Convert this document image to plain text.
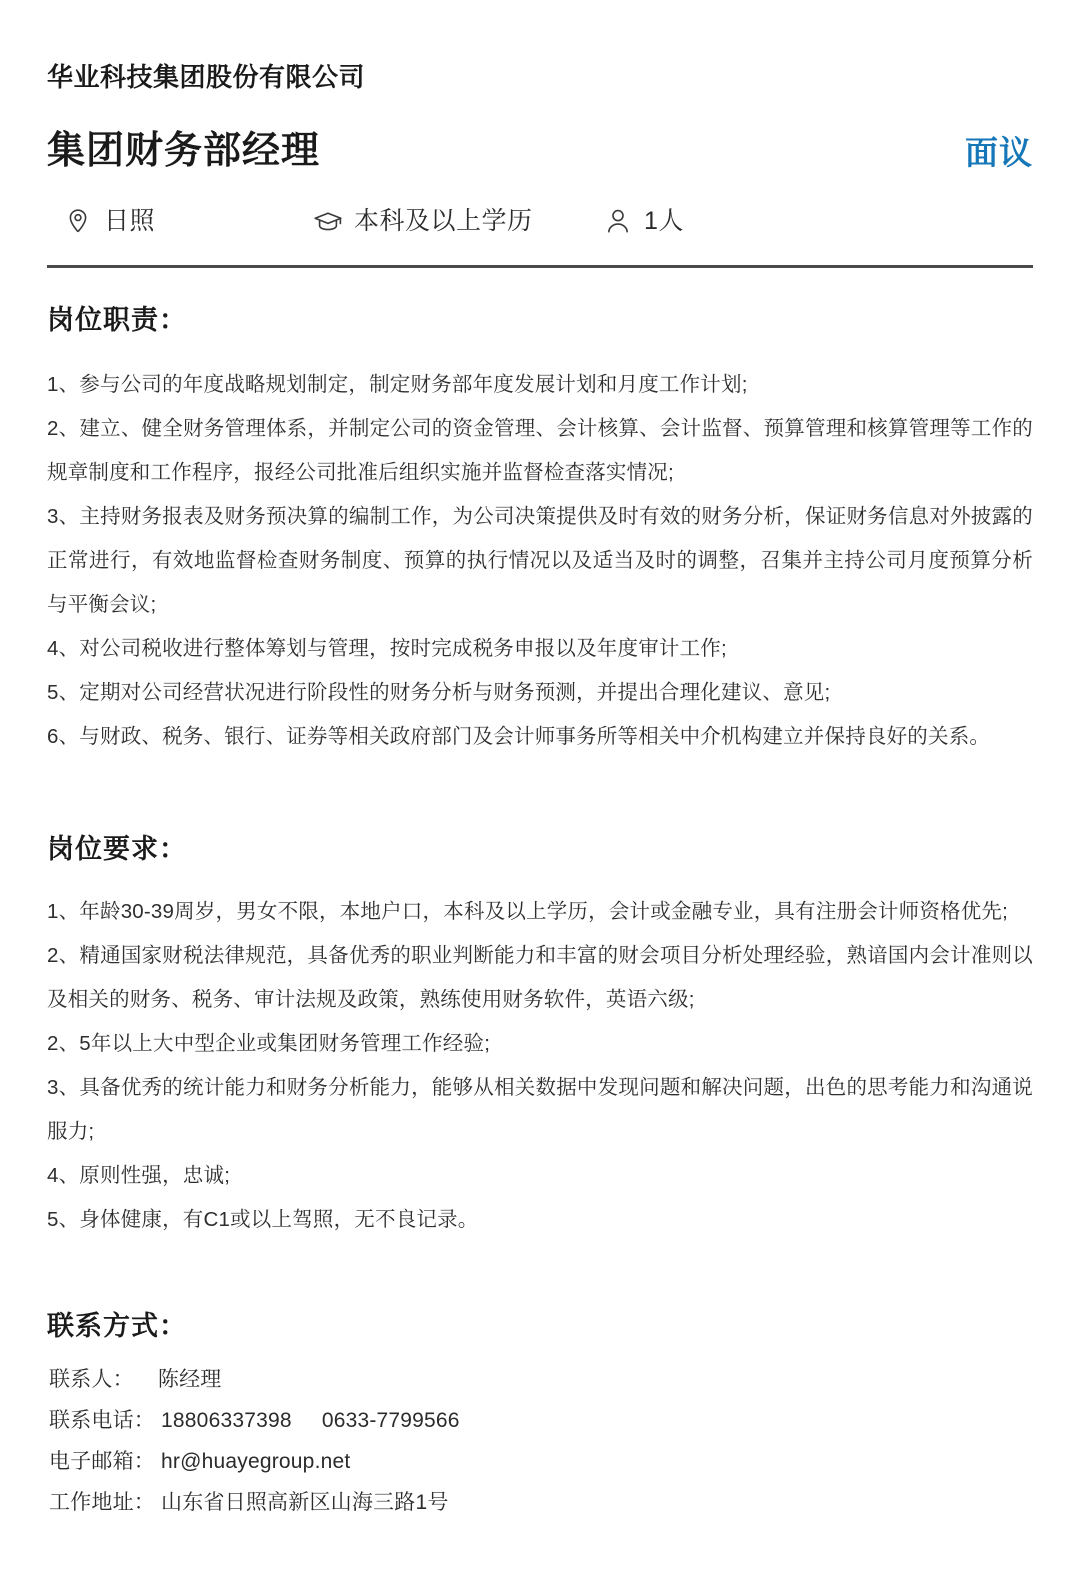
华业科技集团股份有限公司
集团财务部经理	面议
日照	本科及以上学历	1人
岗位职责：

1、参与公司的年度战略规划制定，制定财务部年度发展计划和月度工作计划;

2、建立、健全财务管理体系，并制定公司的资金管理、会计核算、会计监督、预算管理和核算管理等工作的规章制度和工作程序，报经公司批准后组织实施并监督检查落实情况;

3、主持财务报表及财务预决算的编制工作，为公司决策提供及时有效的财务分析，保证财务信息对外披露的正常进行，有效地监督检查财务制度、预算的执行情况以及适当及时的调整，召集并主持公司月度预算分析与平衡会议;

4、对公司税收进行整体筹划与管理，按时完成税务申报以及年度审计工作;

5、定期对公司经营状况进行阶段性的财务分析与财务预测，并提出合理化建议、意见;

6、与财政、税务、银行、证券等相关政府部门及会计师事务所等相关中介机构建立并保持良好的关系。

岗位要求：

1、年龄30-39周岁，男女不限，本地户口，本科及以上学历，会计或金融专业，具有注册会计师资格优先;

2、精通国家财税法律规范，具备优秀的职业判断能力和丰富的财会项目分析处理经验，熟谙国内会计准则以及相关的财务、税务、审计法规及政策，熟练使用财务软件，英语六级;

2、5年以上大中型企业或集团财务管理工作经验;

3、具备优秀的统计能力和财务分析能力，能够从相关数据中发现问题和解决问题，出色的思考能力和沟通说服力;

4、原则性强，忠诚;

5、身体健康，有C1或以上驾照，无不良记录。

联系方式：
联系人： 陈经理
联系电话： 18806337398 0633-7799566
电子邮箱： hr@huayegroup.net
工作地址： 山东省日照高新区山海三路1号
